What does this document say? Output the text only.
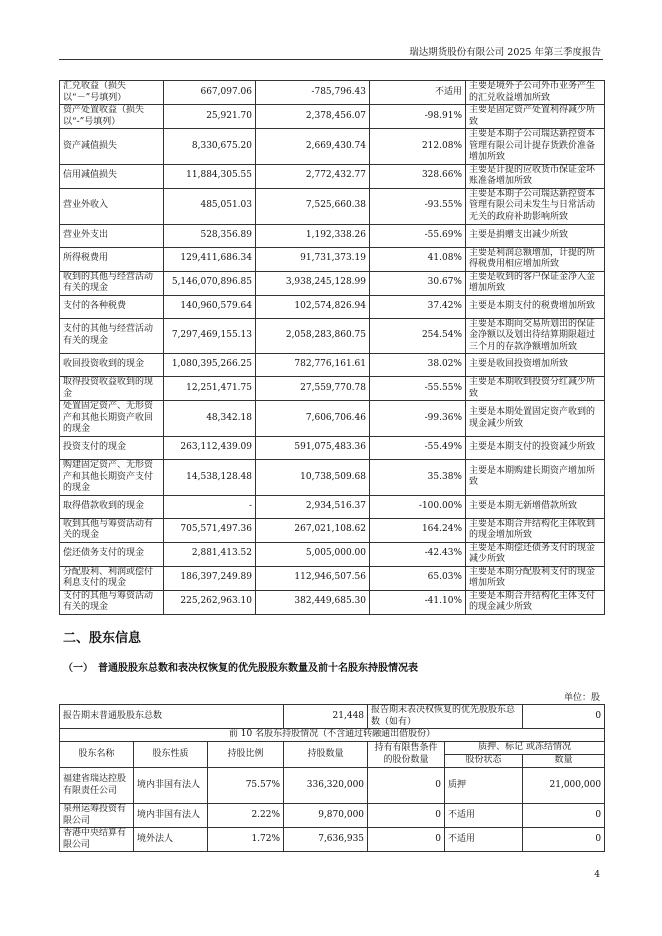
瑞达期货股份有限公司 2025 年第三季度报告
汇兑收益（损失以“－”号填列）	667,097.06	-785,796.43	不适用	主要是境外子公司外币业务产生的汇兑收益增加所致
资产处置收益（损失以“-”号填列）	25,921.70	2,378,456.07	-98.91%	主要是固定资产处置利得减少所致
资产减值损失	8,330,675.20	2,669,430.74	212.08%	主要是本期子公司瑞达新控资本管理有限公司计提存货跌价准备增加所致
信用减值损失	11,884,305.55	2,772,432.77	328.66%	主要是计提的应收货币保证金坏账准备增加所致
营业外收入	485,051.03	7,525,660.38	-93.55%	主要是本期子公司瑞达新控资本管理有限公司未发生与日常活动无关的政府补助影响所致
营业外支出	528,356.89	1,192,338.26	-55.69%	主要是捐赠支出减少所致
所得税费用	129,411,686.34	91,731,373.19	41.08%	主要是利润总额增加，计提的所得税费用相应增加所致
收到的其他与经营活动有关的现金	5,146,070,896.85	3,938,245,128.99	30.67%	主要是收到的客户保证金净入金增加所致
支付的各种税费	140,960,579.64	102,574,826.94	37.42%	主要是本期支付的税费增加所致
支付的其他与经营活动有关的现金	7,297,469,155.13	2,058,283,860.75	254.54%	主要是本期向交易所划出的保证金净额以及划出待结算期限超过三个月的存款净额增加所致
收回投资收到的现金	1,080,395,266.25	782,776,161.61	38.02%	主要是收回投资增加所致
取得投资收益收到的现金	12,251,471.75	27,559,770.78	-55.55%	主要是本期收到投资分红减少所致
处置固定资产、无形资产和其他长期资产收回的现金	48,342.18	7,606,706.46	-99.36%	主要是本期处置固定资产收到的现金减少所致
投资支付的现金	263,112,439.09	591,075,483.36	-55.49%	主要是本期支付的投资减少所致
购建固定资产、无形资产和其他长期资产支付的现金	14,538,128.48	10,738,509.68	35.38%	主要是本期购建长期资产增加所致
取得借款收到的现金	-	2,934,516.37	-100.00%	主要是本期无新增借款所致
收到其他与筹资活动有关的现金	705,571,497.36	267,021,108.62	164.24%	主要是本期合并结构化主体收到的现金增加所致
偿还债务支付的现金	2,881,413.52	5,005,000.00	-42.43%	主要是本期偿还债务支付的现金减少所致
分配股利、利润或偿付利息支付的现金	186,397,249.89	112,946,507.56	65.03%	主要是本期分配股利支付的现金增加所致
支付的其他与筹资活动有关的现金	225,262,963.10	382,449,685.30	-41.10%	主要是本期合并结构化主体支付的现金减少所致
二、股东信息
（一）　普通股股东总数和表决权恢复的优先股股东数量及前十名股东持股情况表
单位：股
报告期末普通股股东总数			21,448	报告期末表决权恢复的优先股股东总数（如有）		0
前 10 名股东持股情况（不含通过转融通出借股份）						
股东名称	股东性质	持股比例	持股数量	持有有限售条件的股份数量	质押、标记 或冻结情况	
					股份状态	数量
福建省瑞达控股有限责任公司	境内非国有法人	75.57%	336,320,000	0	质押	21,000,000
泉州运筹投资有限公司	境内非国有法人	2.22%	9,870,000	0	不适用	0
香港中央结算有限公司	境外法人	1.72%	7,636,935	0	不适用	0
4
